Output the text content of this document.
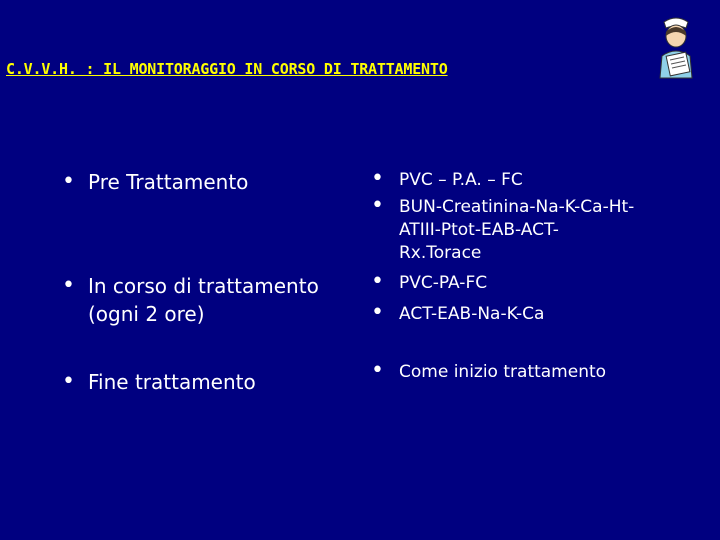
C.V.V.H. : IL MONITORAGGIO IN CORSO DI TRATTAMENTO
• Pre Trattamento
• In corso di trattamento
(ogni 2 ore)
• Fine trattamento
• PVC – P.A. – FC
• BUN-Creatinina-Na-K-Ca-Ht-
ATIII-Ptot-EAB-ACT-
Rx.Torace
• PVC-PA-FC
• ACT-EAB-Na-K-Ca
• Come inizio trattamento
